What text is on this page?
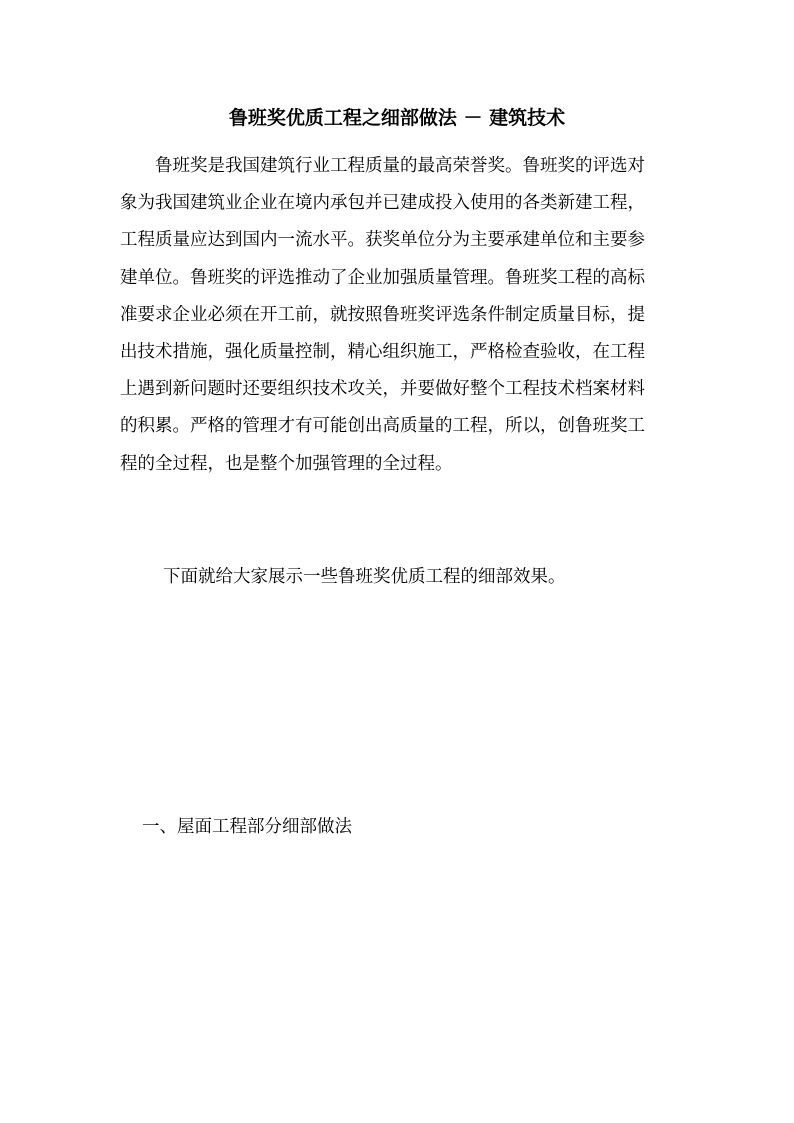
鲁班奖优质工程之细部做法 － 建筑技术
鲁班奖是我国建筑行业工程质量的最高荣誉奖。鲁班奖的评选对
象为我国建筑业企业在境内承包并已建成投入使用的各类新建工程，
工程质量应达到国内一流水平。获奖单位分为主要承建单位和主要参
建单位。鲁班奖的评选推动了企业加强质量管理。鲁班奖工程的高标
准要求企业必须在开工前，就按照鲁班奖评选条件制定质量目标，提
出技术措施，强化质量控制，精心组织施工，严格检查验收，在工程
上遇到新问题时还要组织技术攻关，并要做好整个工程技术档案材料
的积累。严格的管理才有可能创出高质量的工程，所以，创鲁班奖工
程的全过程，也是整个加强管理的全过程。
下面就给大家展示一些鲁班奖优质工程的细部效果。
一、屋面工程部分细部做法
